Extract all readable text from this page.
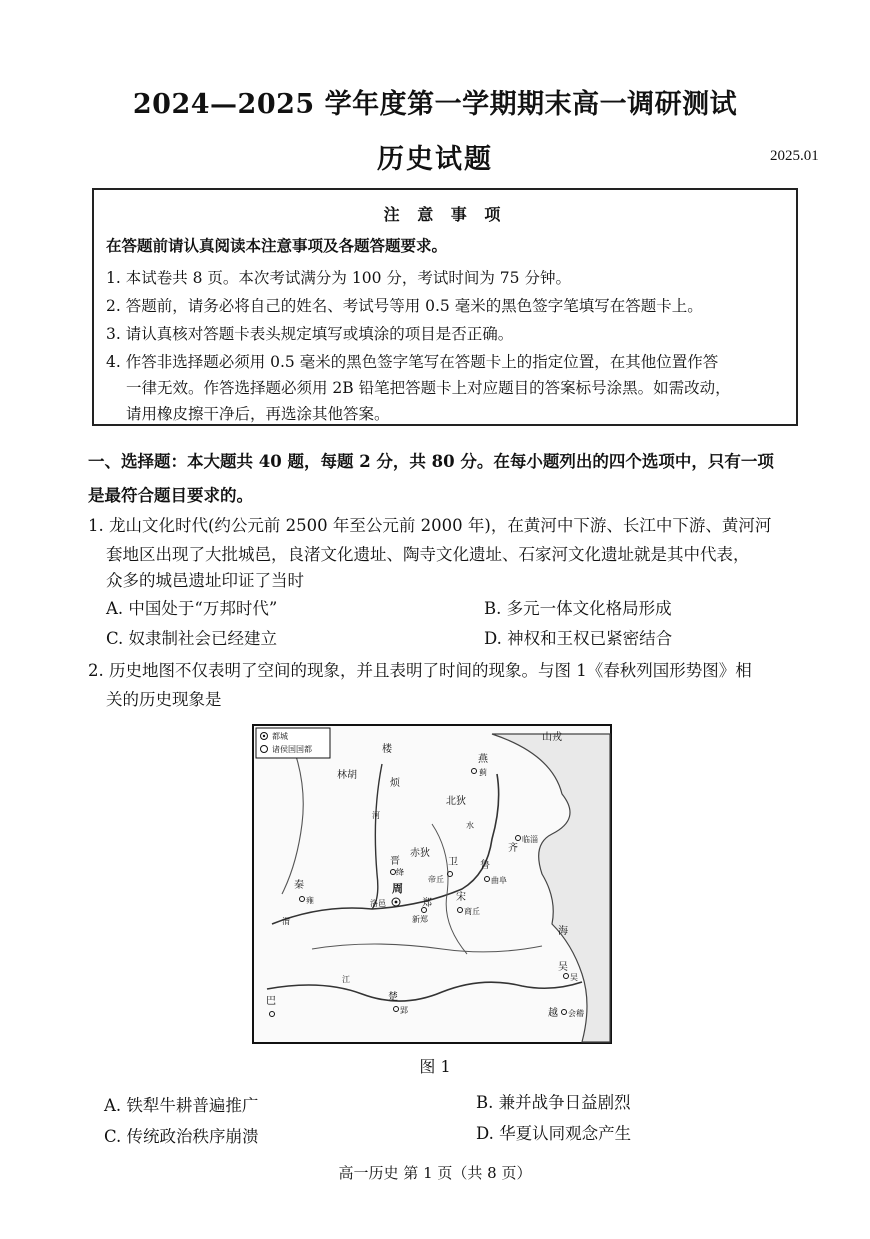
2024—2025 学年度第一学期期末高一调研测试
历史试题	2025.01
注 意 事 项
在答题前请认真阅读本注意事项及各题答题要求。
1. 本试卷共 8 页。本次考试满分为 100 分，考试时间为 75 分钟。
2. 答题前，请务必将自己的姓名、考试号等用 0.5 毫米的黑色签字笔填写在答题卡上。
3. 请认真核对答题卡表头规定填写或填涂的项目是否正确。
4. 作答非选择题必须用 0.5 毫米的黑色签字笔写在答题卡上的指定位置，在其他位置作答
一律无效。作答选择题必须用 2B 铅笔把答题卡上对应题目的答案标号涂黑。如需改动，
请用橡皮擦干净后，再选涂其他答案。
一、选择题：本大题共 40 题，每题 2 分，共 80 分。在每小题列出的四个选项中，只有一项
是最符合题目要求的。
1. 龙山文化时代(约公元前 2500 年至公元前 2000 年)，在黄河中下游、长江中下游、黄河河
套地区出现了大批城邑，良渚文化遗址、陶寺文化遗址、石家河文化遗址就是其中代表，
众多的城邑遗址印证了当时
A. 中国处于“万邦时代”	B. 多元一体文化格局形成
C. 奴隶制社会已经建立	D. 神权和王权已紧密结合
2. 历史地图不仅表明了空间的现象，并且表明了时间的现象。与图 1《春秋列国形势图》相
关的历史现象是
都城
诸侯国国都
山戎
楼
林胡
烦
燕
蓟
北狄
河
水
齐
临淄
赤狄
晋
绛
卫
帝丘
鲁
曲阜
秦
雍
周
洛邑	郑
新郑
宋
商丘
渭
海
吴
吴
巴	楚
郢
江
越 会稽
图 1
A. 铁犁牛耕普遍推广	B. 兼并战争日益剧烈
C. 传统政治秩序崩溃	D. 华夏认同观念产生
高一历史 第 1 页（共 8 页）
